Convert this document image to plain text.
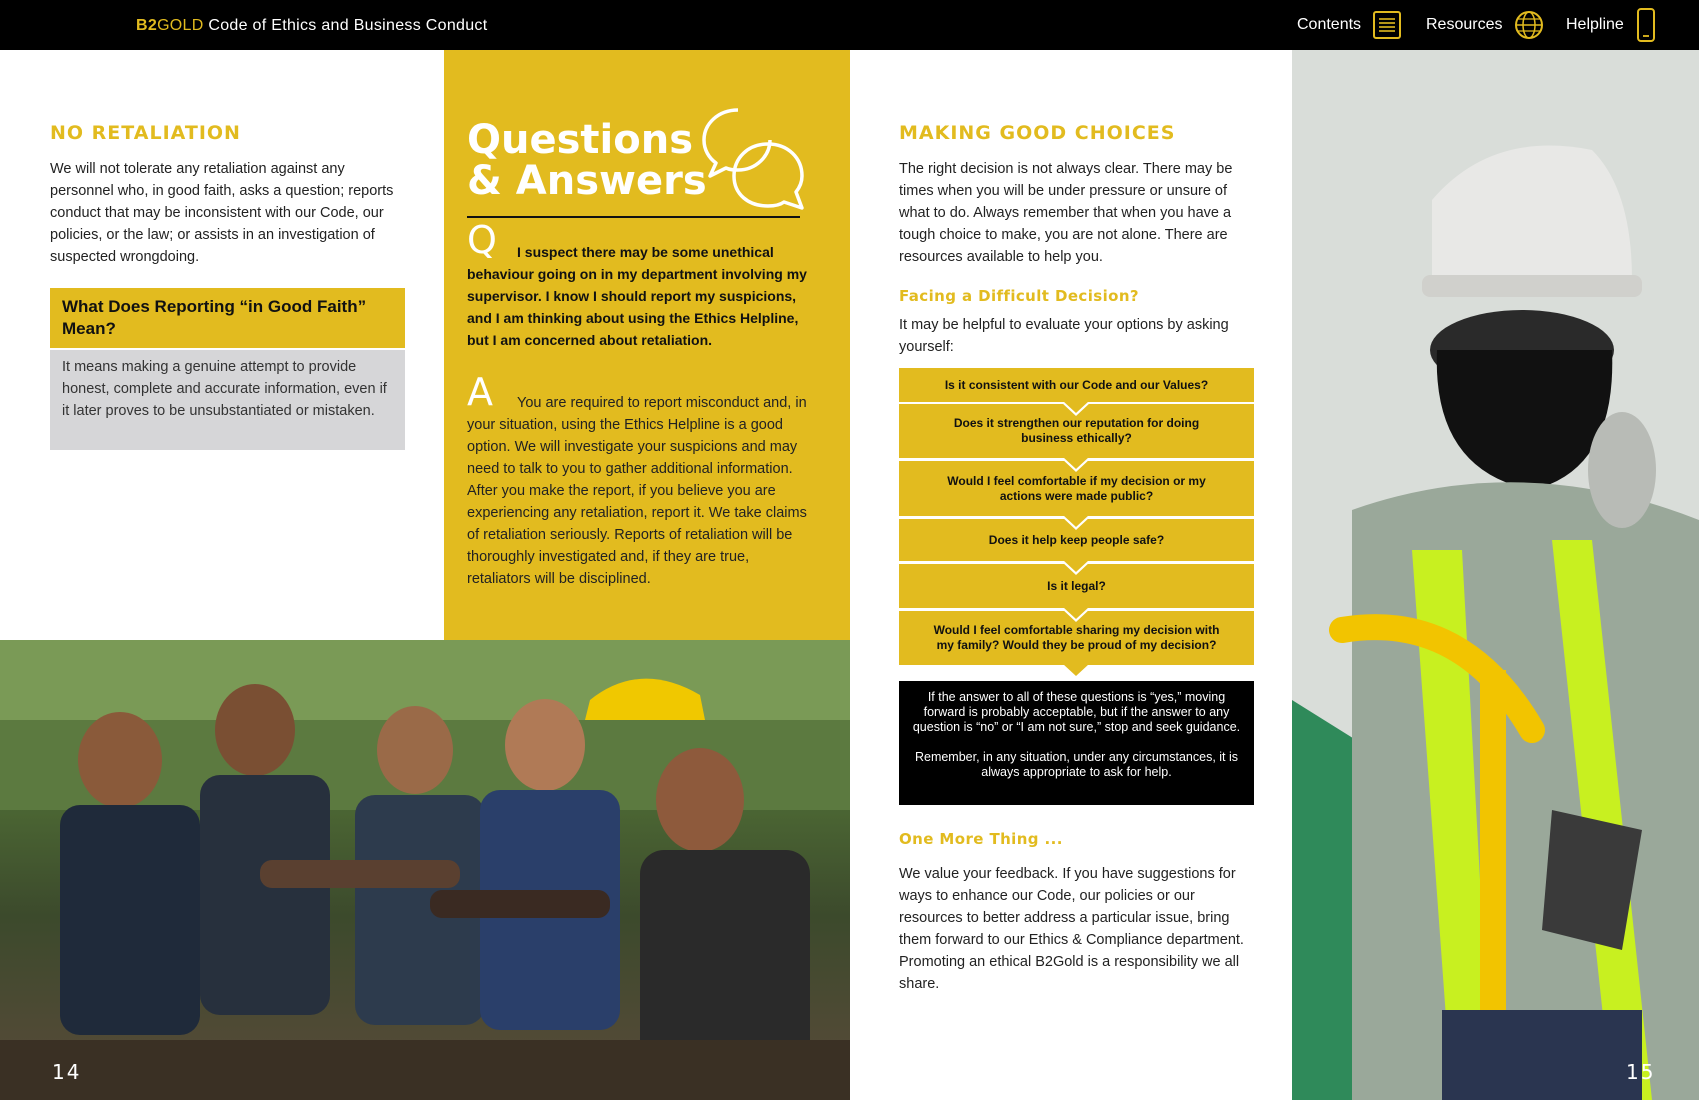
B2GOLD Code of Ethics and Business Conduct	Contents	Resources	Helpline
NO RETALIATION
We will not tolerate any retaliation against any personnel who, in good faith, asks a question; reports conduct that may be inconsistent with our Code, our policies, or the law; or assists in an investigation of suspected wrongdoing.
What Does Reporting “in Good Faith” Mean?
It means making a genuine attempt to provide honest, complete and accurate information, even if it later proves to be unsubstantiated or mistaken.
Questions
& Answers
Q	I suspect there may be some unethical behaviour going on in my department involving my supervisor. I know I should report my suspicions, and I am thinking about using the Ethics Helpline, but I am concerned about retaliation.
A	You are required to report misconduct and, in your situation, using the Ethics Helpline is a good option. We will investigate your suspicions and may need to talk to you to gather additional information. After you make the report, if you believe you are experiencing any retaliation, report it. We take claims of retaliation seriously. Reports of retaliation will be thoroughly investigated and, if they are true, retaliators will be disciplined.
MAKING GOOD CHOICES
The right decision is not always clear. There may be times when you will be under pressure or unsure of what to do. Always remember that when you have a tough choice to make, you are not alone. There are resources available to help you.
Facing a Difficult Decision?
It may be helpful to evaluate your options by asking yourself:
Is it consistent with our Code and our Values?
Does it strengthen our reputation for doing business ethically?
Would I feel comfortable if my decision or my actions were made public?
Does it help keep people safe?
Is it legal?
Would I feel comfortable sharing my decision with my family? Would they be proud of my decision?

If the answer to all of these questions is “yes,” moving forward is probably acceptable, but if the answer to any question is “no” or “I am not sure,” stop and seek guidance.

Remember, in any situation, under any circumstances, it is always appropriate to ask for help.

One More Thing ...
We value your feedback. If you have suggestions for ways to enhance our Code, our policies or our resources to better address a particular issue, bring them forward to our Ethics & Compliance department. Promoting an ethical B2Gold is a responsibility we all share.
14	15
